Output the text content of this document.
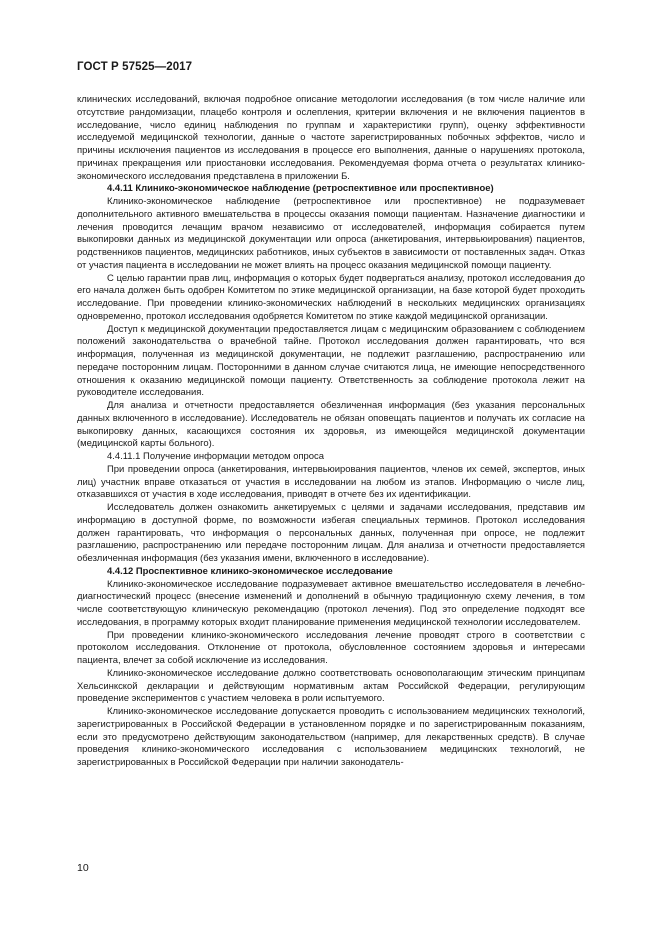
ГОСТ Р 57525—2017

клинических исследований, включая подробное описание методологии исследования (в том числе наличие или отсутствие рандомизации, плацебо контроля и ослепления, критерии включения и не включения пациентов в исследование, число единиц наблюдения по группам и характеристики групп), оценку эффективности исследуемой медицинской технологии, данные о частоте зарегистрированных побочных эффектов, число и причины исключения пациентов из исследования в процессе его выполнения, данные о нарушениях протокола, причинах прекращения или приостановки исследования. Рекомендуемая форма отчета о результатах клинико-экономического исследования представлена в приложении Б.

4.4.11 Клинико-экономическое наблюдение (ретроспективное или проспективное)

Клинико-экономическое наблюдение (ретроспективное или проспективное) не подразумевает дополнительного активного вмешательства в процессы оказания помощи пациентам. Назначение диагностики и лечения проводится лечащим врачом независимо от исследователей, информация собирается путем выкопировки данных из медицинской документации или опроса (анкетирования, интервьюирования) пациентов, родственников пациентов, медицинских работников, иных субъектов в зависимости от поставленных задач. Отказ от участия пациента в исследовании не может влиять на процесс оказания медицинской помощи пациенту.

С целью гарантии прав лиц, информация о которых будет подвергаться анализу, протокол исследования до его начала должен быть одобрен Комитетом по этике медицинской организации, на базе которой будет проходить исследование. При проведении клинико-экономических наблюдений в нескольких медицинских организациях одновременно, протокол исследования одобряется Комитетом по этике каждой медицинской организации.

Доступ к медицинской документации предоставляется лицам с медицинским образованием с соблюдением положений законодательства о врачебной тайне. Протокол исследования должен гарантировать, что вся информация, полученная из медицинской документации, не подлежит разглашению, распространению или передаче посторонним лицам. Посторонними в данном случае считаются лица, не имеющие непосредственного отношения к оказанию медицинской помощи пациенту. Ответственность за соблюдение протокола лежит на руководителе исследования.

Для анализа и отчетности предоставляется обезличенная информация (без указания персональных данных включенного в исследование). Исследователь не обязан оповещать пациентов и получать их согласие на выкопировку данных, касающихся состояния их здоровья, из имеющейся медицинской документации (медицинской карты больного).

4.4.11.1 Получение информации методом опроса

При проведении опроса (анкетирования, интервьюирования пациентов, членов их семей, экспертов, иных лиц) участник вправе отказаться от участия в исследовании на любом из этапов. Информацию о числе лиц, отказавшихся от участия в ходе исследования, приводят в отчете без их идентификации.

Исследователь должен ознакомить анкетируемых с целями и задачами исследования, представив им информацию в доступной форме, по возможности избегая специальных терминов. Протокол исследования должен гарантировать, что информация о персональных данных, полученная при опросе, не подлежит разглашению, распространению или передаче посторонним лицам. Для анализа и отчетности предоставляется обезличенная информация (без указания имени, включенного в исследование).

4.4.12 Проспективное клинико-экономическое исследование

Клинико-экономическое исследование подразумевает активное вмешательство исследователя в лечебно-диагностический процесс (внесение изменений и дополнений в обычную традиционную схему лечения, в том числе соответствующую клиническую рекомендацию (протокол лечения). Под это определение подходят все исследования, в программу которых входит планирование применения медицинской технологии исследователем.

При проведении клинико-экономического исследования лечение проводят строго в соответствии с протоколом исследования. Отклонение от протокола, обусловленное состоянием здоровья и интересами пациента, влечет за собой исключение из исследования.

Клинико-экономическое исследование должно соответствовать основополагающим этическим принципам Хельсинкской декларации и действующим нормативным актам Российской Федерации, регулирующим проведение экспериментов с участием человека в роли испытуемого.

Клинико-экономическое исследование допускается проводить с использованием медицинских технологий, зарегистрированных в Российской Федерации в установленном порядке и по зарегистрированным показаниям, если это предусмотрено действующим законодательством (например, для лекарственных средств). В случае проведения клинико-экономического исследования с использованием медицинских технологий, не зарегистрированных в Российской Федерации при наличии законодатель-

10
